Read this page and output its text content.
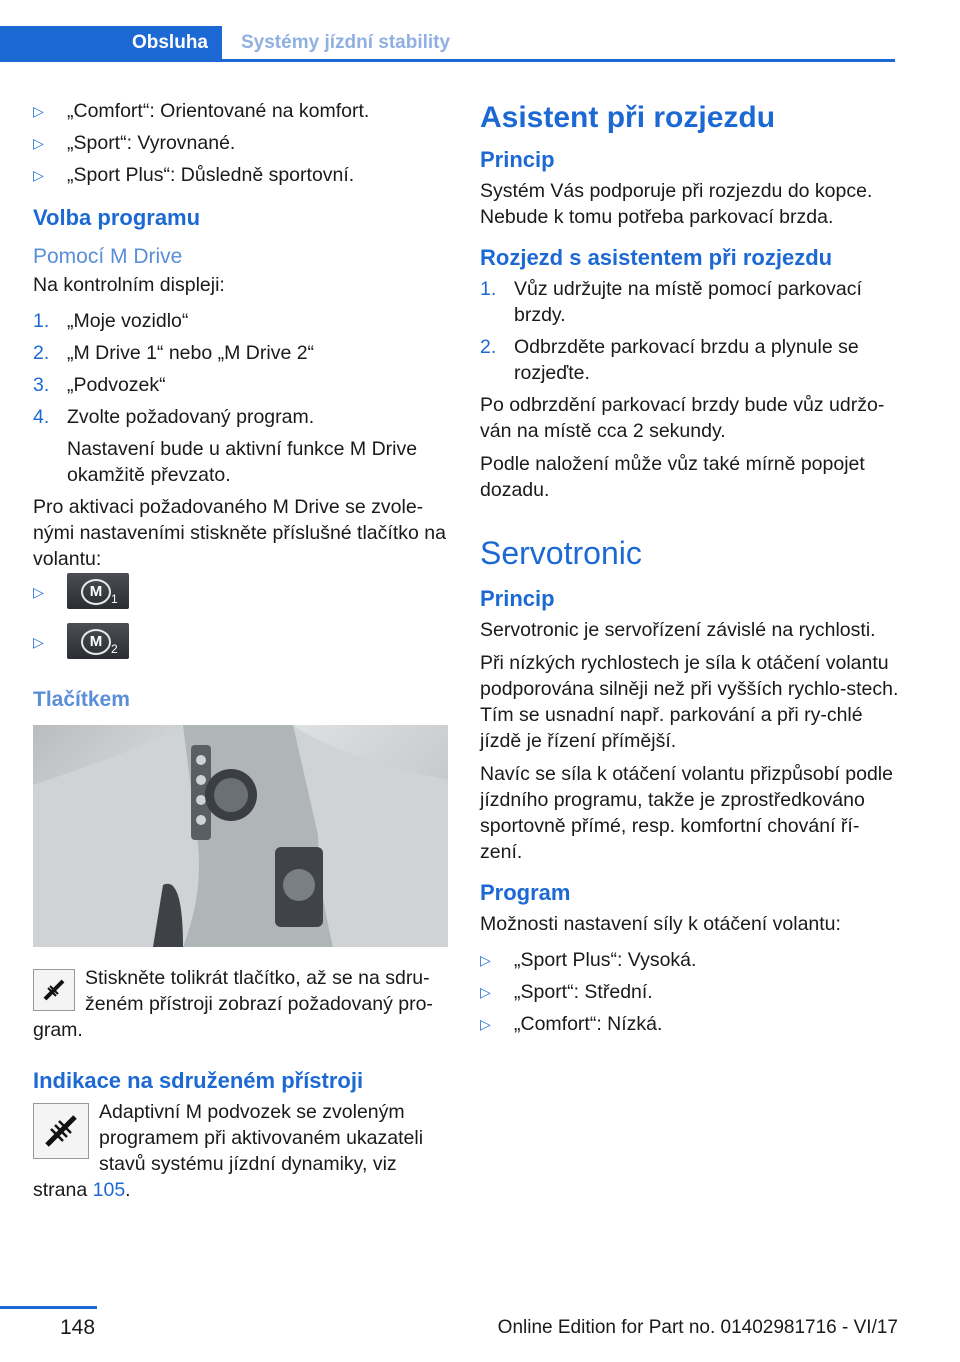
Obsluha	Systémy jízdní stability
▷ „Comfort“: Orientované na komfort.
▷ „Sport“: Vyrovnané.
▷ „Sport Plus“: Důsledně sportovní.
Volba programu
Pomocí M Drive

Na kontrolním displeji:

1. „Moje vozidlo“
2. „M Drive 1“ nebo „M Drive 2“
3. „Podvozek“
4. Zvolte požadovaný program.
Nastavení bude u aktivní funkce M Drive okamžitě převzato.

Pro aktivaci požadovaného M Drive se zvole-nými nastaveními stiskněte příslušné tlačítko na volantu:

▷	M 1
▷	M 2
Tlačítkem
Stiskněte tolikrát tlačítko, až se na sdru-ženém přístroji zobrazí požadovaný pro-gram.
Indikace na sdruženém přístroji
Adaptivní M podvozek se zvoleným programem při aktivovaném ukazateli stavů systému jízdní dynamiky, viz strana 105.
Asistent při rozjezdu
Princip

Systém Vás podporuje při rozjezdu do kopce. Nebude k tomu potřeba parkovací brzda.

Rozjezd s asistentem při rozjezdu
1. Vůz udržujte na místě pomocí parkovací brzdy.
2. Odbrzděte parkovací brzdu a plynule se rozjeďte.

Po odbrzdění parkovací brzdy bude vůz udržo-ván na místě cca 2 sekundy.

Podle naložení může vůz také mírně popojet dozadu.

Servotronic
Princip

Servotronic je servořízení závislé na rychlosti.

Při nízkých rychlostech je síla k otáčení volantu podporována silněji než při vyšších rychlo-stech. Tím se usnadní např. parkování a při ry-chlé jízdě je řízení přímější.

Navíc se síla k otáčení volantu přizpůsobí podle jízdního programu, takže je zprostředkováno sportovně přímé, resp. komfortní chování ří-zení.

Program

Možnosti nastavení síly k otáčení volantu:

▷ „Sport Plus“: Vysoká.
▷ „Sport“: Střední.
▷ „Comfort“: Nízká.
148	Online Edition for Part no. 01402981716 - VI/17
